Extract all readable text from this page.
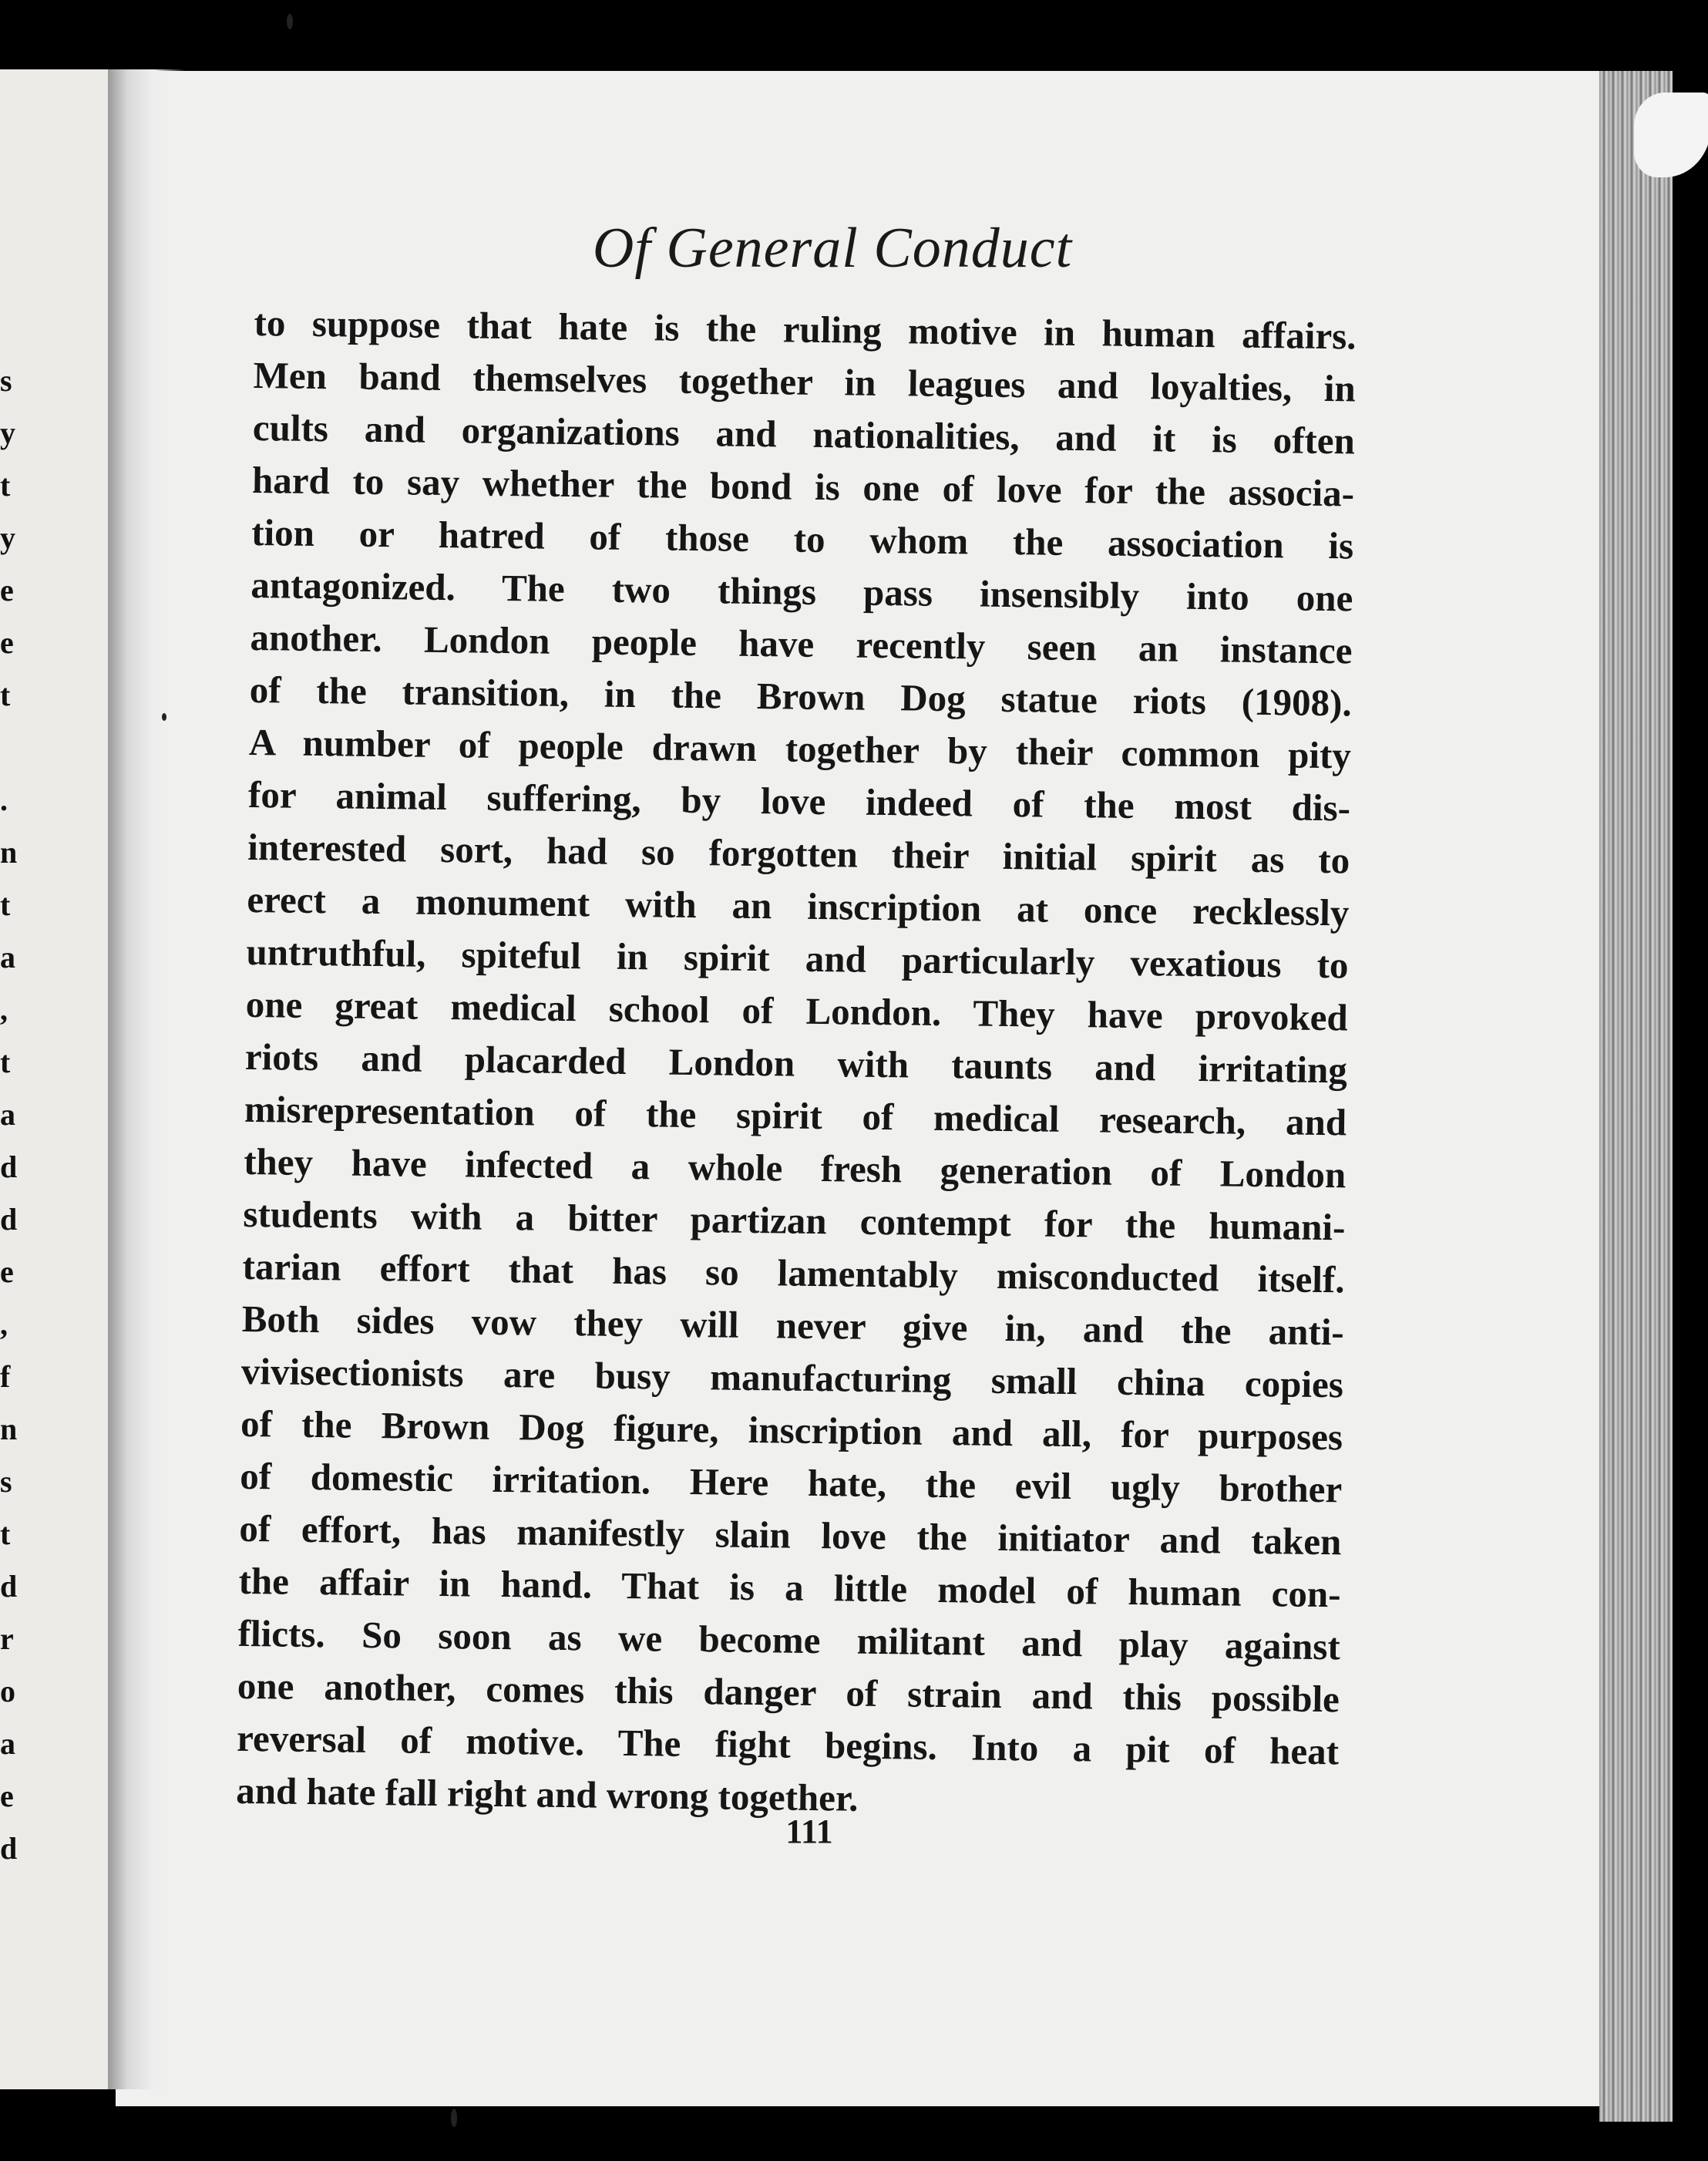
s
y
t
y
e
e
t
.
n
t
a
,
t
a
d
d
e
,
f
n
s
t
d
r
o
a
e
d
Of General Conduct
to suppose that hate is the ruling motive in human affairs.
Men band themselves together in leagues and loyalties, in
cults and organizations and nationalities, and it is often
hard to say whether the bond is one of love for the associa-
tion or hatred of those to whom the association is
antagonized. The two things pass insensibly into one
another. London people have recently seen an instance
of the transition, in the Brown Dog statue riots (1908).
A number of people drawn together by their common pity
for animal suffering, by love indeed of the most dis-
interested sort, had so forgotten their initial spirit as to
erect a monument with an inscription at once recklessly
untruthful, spiteful in spirit and particularly vexatious to
one great medical school of London. They have provoked
riots and placarded London with taunts and irritating
misrepresentation of the spirit of medical research, and
they have infected a whole fresh generation of London
students with a bitter partizan contempt for the humani-
tarian effort that has so lamentably misconducted itself.
Both sides vow they will never give in, and the anti-
vivisectionists are busy manufacturing small china copies
of the Brown Dog figure, inscription and all, for purposes
of domestic irritation. Here hate, the evil ugly brother
of effort, has manifestly slain love the initiator and taken
the affair in hand. That is a little model of human con-
flicts. So soon as we become militant and play against
one another, comes this danger of strain and this possible
reversal of motive. The fight begins. Into a pit of heat
and hate fall right and wrong together.
111
